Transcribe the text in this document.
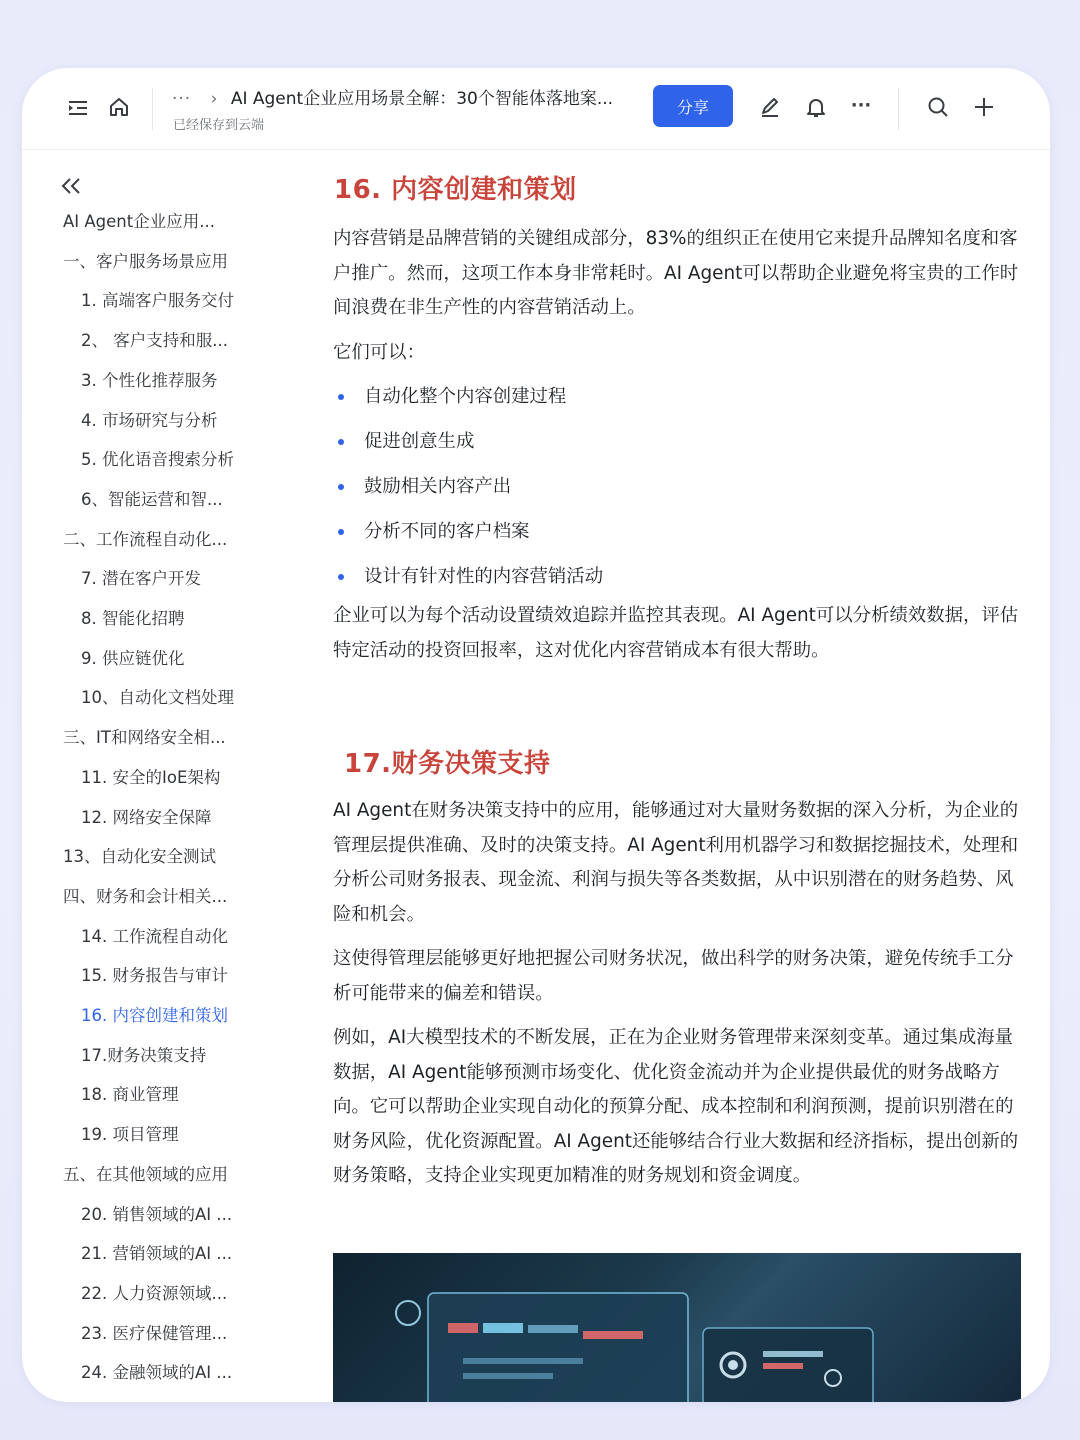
··· › AI Agent企业应用场景全解：30个智能体落地案...
已经保存到云端
分享	···
AI Agent企业应用...
一、客户服务场景应用
1. 高端客户服务交付
2、 客户支持和服...
3. 个性化推荐服务
4. 市场研究与分析
5. 优化语音搜索分析
6、智能运营和智...
二、工作流程自动化...
7. 潜在客户开发
8. 智能化招聘
9. 供应链优化
10、自动化文档处理
三、IT和网络安全相...
11. 安全的IoE架构
12. 网络安全保障
13、自动化安全测试
四、财务和会计相关...
14. 工作流程自动化
15. 财务报告与审计
16. 内容创建和策划
17.财务决策支持
18. 商业管理
19. 项目管理
五、在其他领域的应用
20. 销售领域的AI ...
21. 营销领域的AI ...
22. 人力资源领域...
23. 医疗保健管理...
24. 金融领域的AI ...
16. 内容创建和策划

内容营销是品牌营销的关键组成部分，83%的组织正在使用它来提升品牌知名度和客户推广。然而，这项工作本身非常耗时。AI Agent可以帮助企业避免将宝贵的工作时间浪费在非生产性的内容营销活动上。

它们可以：

自动化整个内容创建过程
促进创意生成
鼓励相关内容产出
分析不同的客户档案
设计有针对性的内容营销活动

企业可以为每个活动设置绩效追踪并监控其表现。AI Agent可以分析绩效数据，评估特定活动的投资回报率，这对优化内容营销成本有很大帮助。

17.财务决策支持

AI Agent在财务决策支持中的应用，能够通过对大量财务数据的深入分析，为企业的管理层提供准确、及时的决策支持。AI Agent利用机器学习和数据挖掘技术，处理和分析公司财务报表、现金流、利润与损失等各类数据，从中识别潜在的财务趋势、风险和机会。

这使得管理层能够更好地把握公司财务状况，做出科学的财务决策，避免传统手工分析可能带来的偏差和错误。

例如，AI大模型技术的不断发展，正在为企业财务管理带来深刻变革。通过集成海量数据，AI Agent能够预测市场变化、优化资金流动并为企业提供最优的财务战略方向。它可以帮助企业实现自动化的预算分配、成本控制和利润预测，提前识别潜在的财务风险，优化资源配置。AI Agent还能够结合行业大数据和经济指标，提出创新的财务策略，支持企业实现更加精准的财务规划和资金调度。
